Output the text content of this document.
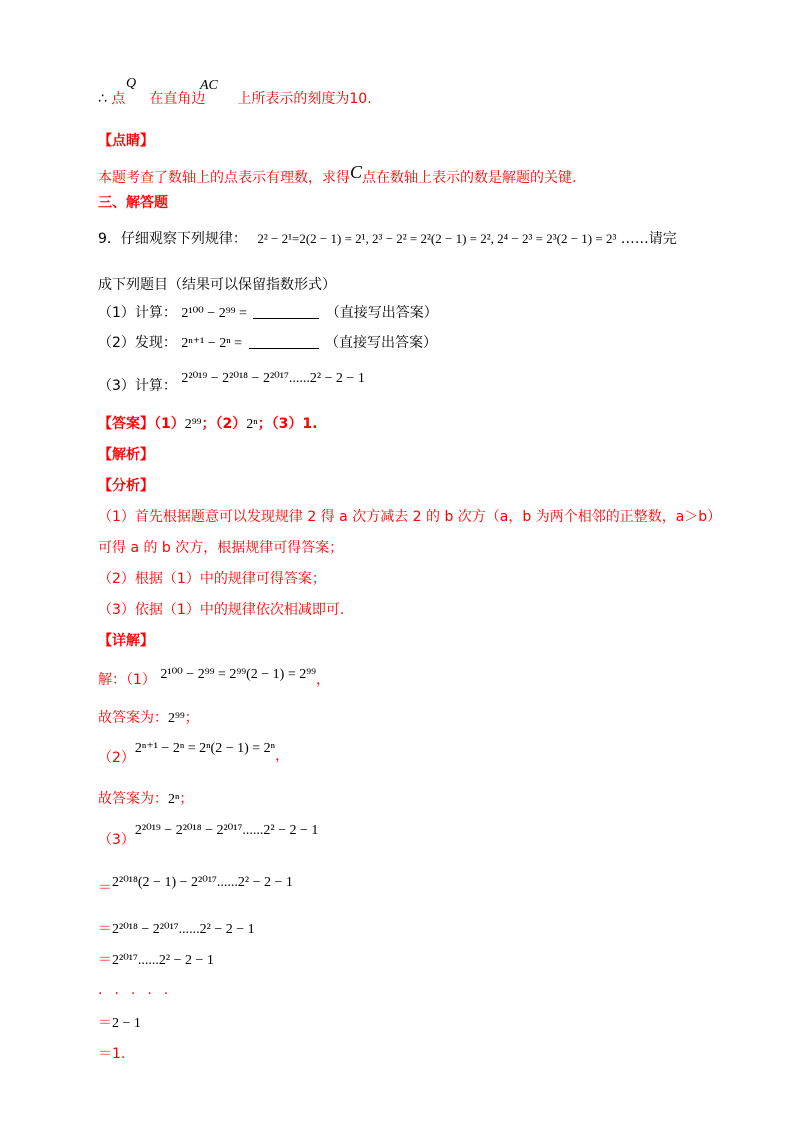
∴ 点 在直角边 上所表示的刻度为10.
Q	AC
【点睛】
本题考查了数轴上的点表示有理数，求得C点在数轴上表示的数是解题的关键.
三、解答题
9．仔细观察下列规律： 2² − 2¹=2(2 − 1) = 2¹, 2³ − 2² = 2²(2 − 1) = 2², 2⁴ − 2³ = 2³(2 − 1) = 2³ ……请完
成下列题目（结果可以保留指数形式）
（1）计算： 2¹⁰⁰ − 2⁹⁹ =	（直接写出答案）
（2）发现： 2ⁿ⁺¹ − 2ⁿ =	（直接写出答案）
（3）计算： 2²⁰¹⁹ − 2²⁰¹⁸ − 2²⁰¹⁷......2² − 2 − 1
【答案】（1）2⁹⁹；（2）2ⁿ；（3）1.
【解析】
【分析】
（1）首先根据题意可以发现规律 2 得 a 次方减去 2 的 b 次方（a，b 为两个相邻的正整数，a＞b）
可得 a 的 b 次方，根据规律可得答案；
（2）根据（1）中的规律可得答案；
（3）依据（1）中的规律依次相减即可.
【详解】
解：（1） 2¹⁰⁰ − 2⁹⁹ = 2⁹⁹(2 − 1) = 2⁹⁹，
故答案为：2⁹⁹；
（2）2ⁿ⁺¹ − 2ⁿ = 2ⁿ(2 − 1) = 2ⁿ，
故答案为：2ⁿ；
（3）2²⁰¹⁹ − 2²⁰¹⁸ − 2²⁰¹⁷......2² − 2 − 1
＝2²⁰¹⁸(2 − 1) − 2²⁰¹⁷......2² − 2 − 1
＝2²⁰¹⁸ − 2²⁰¹⁷......2² − 2 − 1
＝2²⁰¹⁷......2² − 2 − 1
.....
＝2 − 1
＝1.
